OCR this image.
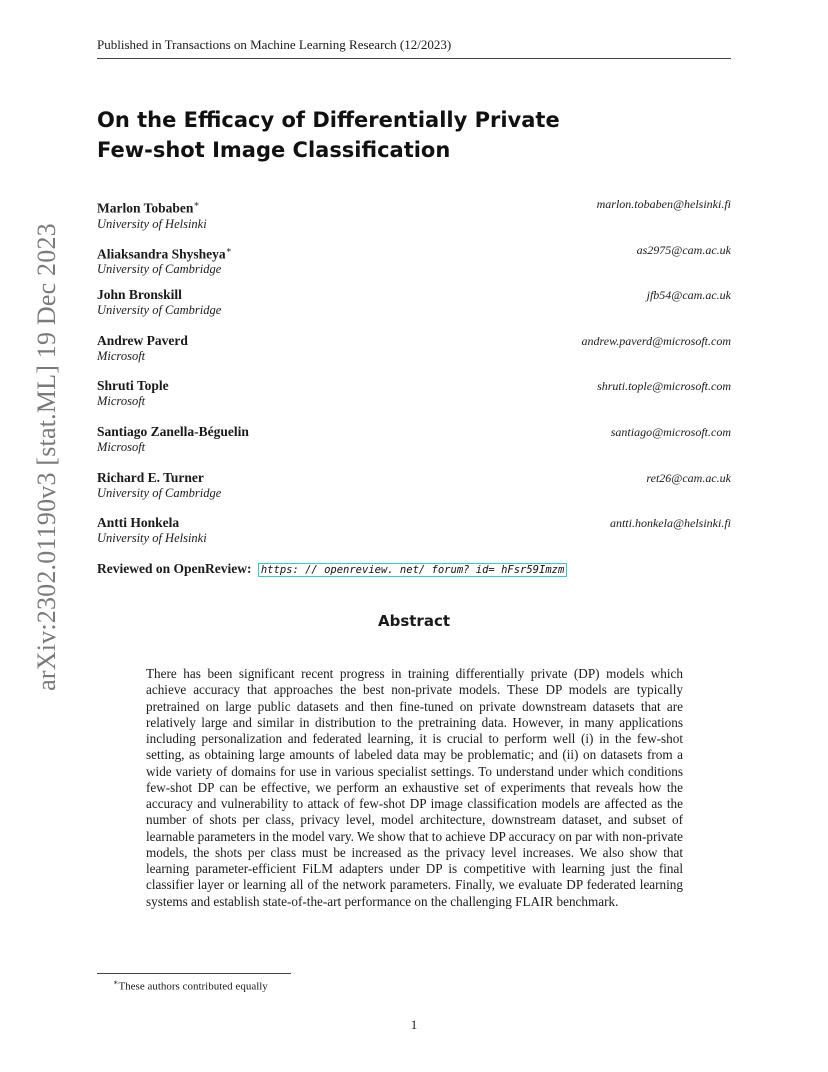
Published in Transactions on Machine Learning Research (12/2023)
On the Efficacy of Differentially Private
Few-shot Image Classification
Marlon Tobaben∗
University of Helsinki
marlon.tobaben@helsinki.fi
Aliaksandra Shysheya∗
University of Cambridge
as2975@cam.ac.uk
John Bronskill
University of Cambridge
jfb54@cam.ac.uk
Andrew Paverd
Microsoft
andrew.paverd@microsoft.com
Shruti Tople
Microsoft
shruti.tople@microsoft.com
Santiago Zanella-Béguelin
Microsoft
santiago@microsoft.com
Richard E. Turner
University of Cambridge
ret26@cam.ac.uk
Antti Honkela
University of Helsinki
antti.honkela@helsinki.fi
Reviewed on OpenReview: https: // openreview. net/ forum? id= hFsr59Imzm
Abstract
There has been significant recent progress in training differentially private (DP) models which achieve accuracy that approaches the best non-private models. These DP models are typically pretrained on large public datasets and then fine-tuned on private downstream datasets that are relatively large and similar in distribution to the pretraining data. However, in many applications including personalization and federated learning, it is crucial to perform well (i) in the few-shot setting, as obtaining large amounts of labeled data may be problematic; and (ii) on datasets from a wide variety of domains for use in various specialist settings. To understand under which conditions few-shot DP can be effective, we perform an exhaustive set of experiments that reveals how the accuracy and vulnerability to attack of few-shot DP image classification models are affected as the number of shots per class, privacy level, model architecture, downstream dataset, and subset of learnable parameters in the model vary. We show that to achieve DP accuracy on par with non-private models, the shots per class must be increased as the privacy level increases. We also show that learning parameter-efficient FiLM adapters under DP is competitive with learning just the final classifier layer or learning all of the network parameters. Finally, we evaluate DP federated learning systems and establish state-of-the-art performance on the challenging FLAIR benchmark.
arXiv:2302.01190v3 [stat.ML] 19 Dec 2023
∗These authors contributed equally
1
